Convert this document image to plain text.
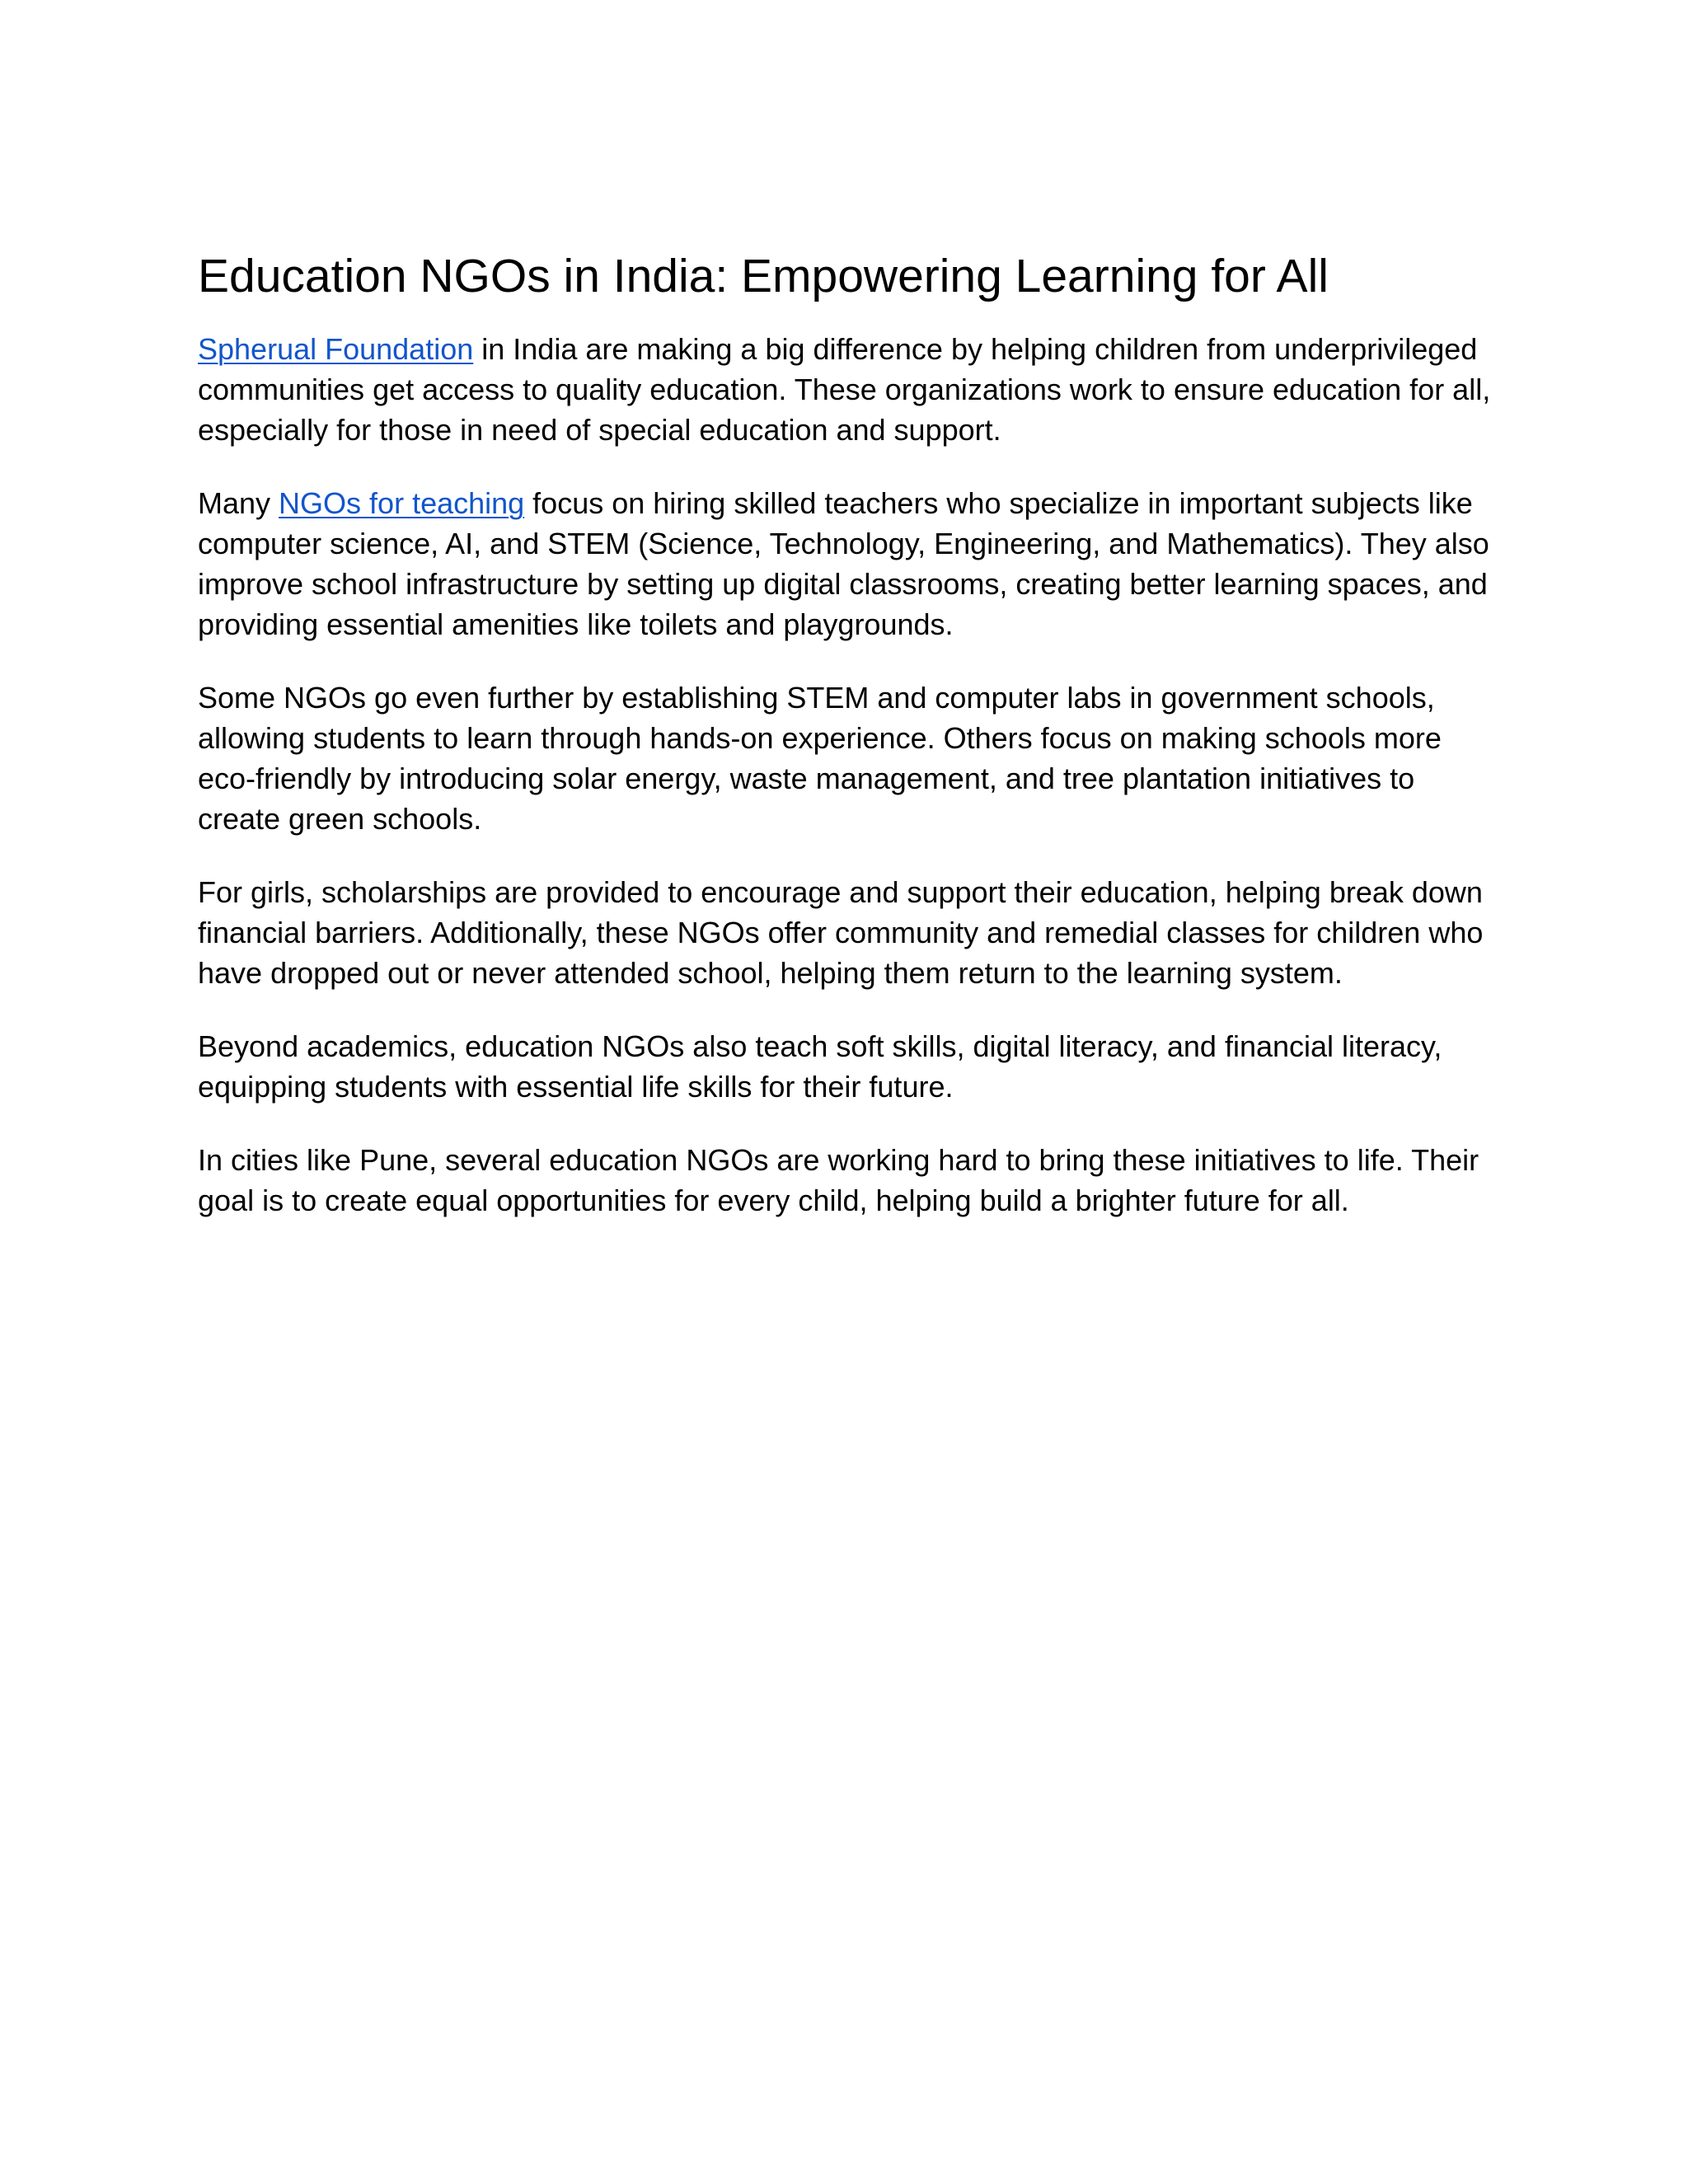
Education NGOs in India: Empowering Learning for All

Spherual Foundation in India are making a big difference by helping children from underprivileged communities get access to quality education. These organizations work to ensure education for all, especially for those in need of special education and support.

Many NGOs for teaching focus on hiring skilled teachers who specialize in important subjects like computer science, AI, and STEM (Science, Technology, Engineering, and Mathematics). They also improve school infrastructure by setting up digital classrooms, creating better learning spaces, and providing essential amenities like toilets and playgrounds.

Some NGOs go even further by establishing STEM and computer labs in government schools, allowing students to learn through hands-on experience. Others focus on making schools more eco-friendly by introducing solar energy, waste management, and tree plantation initiatives to create green schools.

For girls, scholarships are provided to encourage and support their education, helping break down financial barriers. Additionally, these NGOs offer community and remedial classes for children who have dropped out or never attended school, helping them return to the learning system.

Beyond academics, education NGOs also teach soft skills, digital literacy, and financial literacy, equipping students with essential life skills for their future.

In cities like Pune, several education NGOs are working hard to bring these initiatives to life. Their goal is to create equal opportunities for every child, helping build a brighter future for all.
